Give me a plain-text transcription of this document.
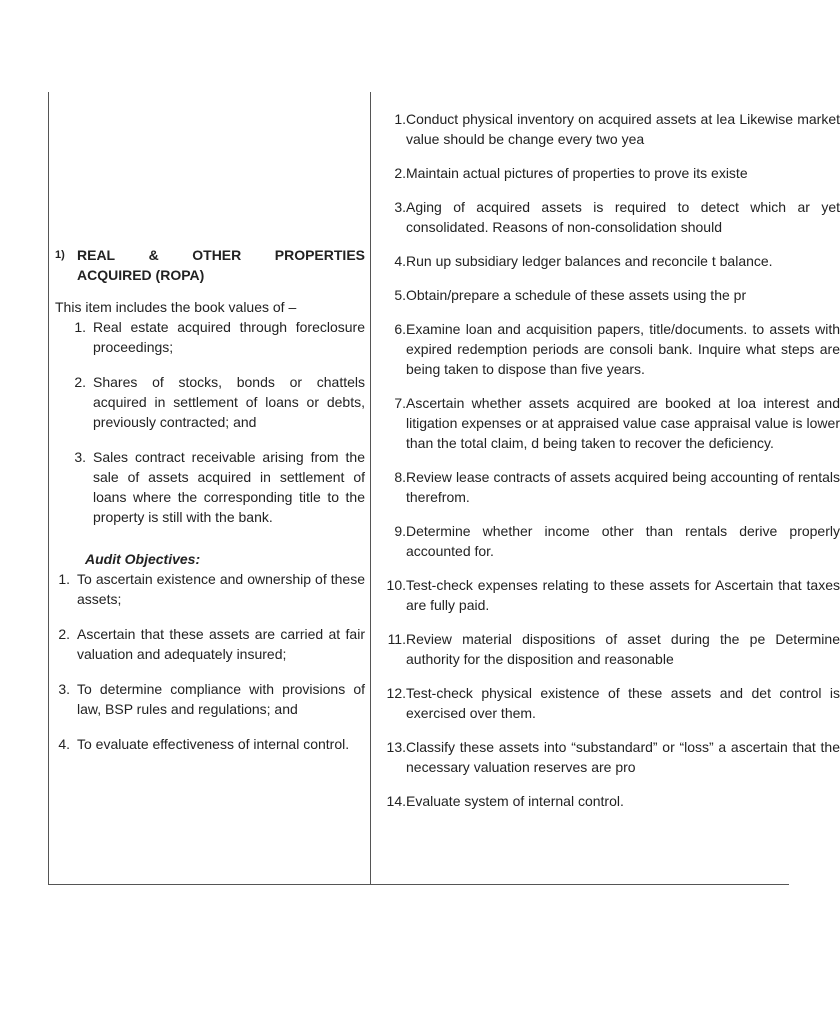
1) REAL & OTHER PROPERTIES
ACQUIRED (ROPA)
This item includes the book values of –
1. Real estate acquired through foreclosure proceedings;
2. Shares of stocks, bonds or chattels acquired in settlement of loans or debts, previously contracted; and
3. Sales contract receivable arising from the sale of assets acquired in settlement of loans where the corresponding title to the property is still with the bank.
Audit Objectives:
1. To ascertain existence and ownership of these assets;
2. Ascertain that these assets are carried at fair valuation and adequately insured;
3. To determine compliance with provisions of law, BSP rules and regulations; and
4. To evaluate effectiveness of internal control.
1. Conduct physical inventory on acquired assets at lea Likewise market value should be change every two yea
2. Maintain actual pictures of properties to prove its existe
3. Aging of acquired assets is required to detect which ar yet consolidated. Reasons of non-consolidation should
4. Run up subsidiary ledger balances and reconcile t balance.
5. Obtain/prepare a schedule of these assets using the pr
6. Examine loan and acquisition papers, title/documents. to assets with expired redemption periods are consoli bank. Inquire what steps are being taken to dispose than five years.
7. Ascertain whether assets acquired are booked at loa interest and litigation expenses or at appraised value case appraisal value is lower than the total claim, d being taken to recover the deficiency.
8. Review lease contracts of assets acquired being accounting of rentals therefrom.
9. Determine whether income other than rentals derive properly accounted for.
10. Test-check expenses relating to these assets for Ascertain that taxes are fully paid.
11. Review material dispositions of asset during the pe Determine authority for the disposition and reasonable
12. Test-check physical existence of these assets and det control is exercised over them.
13. Classify these assets into “substandard” or “loss” a ascertain that the necessary valuation reserves are pro
14. Evaluate system of internal control.
